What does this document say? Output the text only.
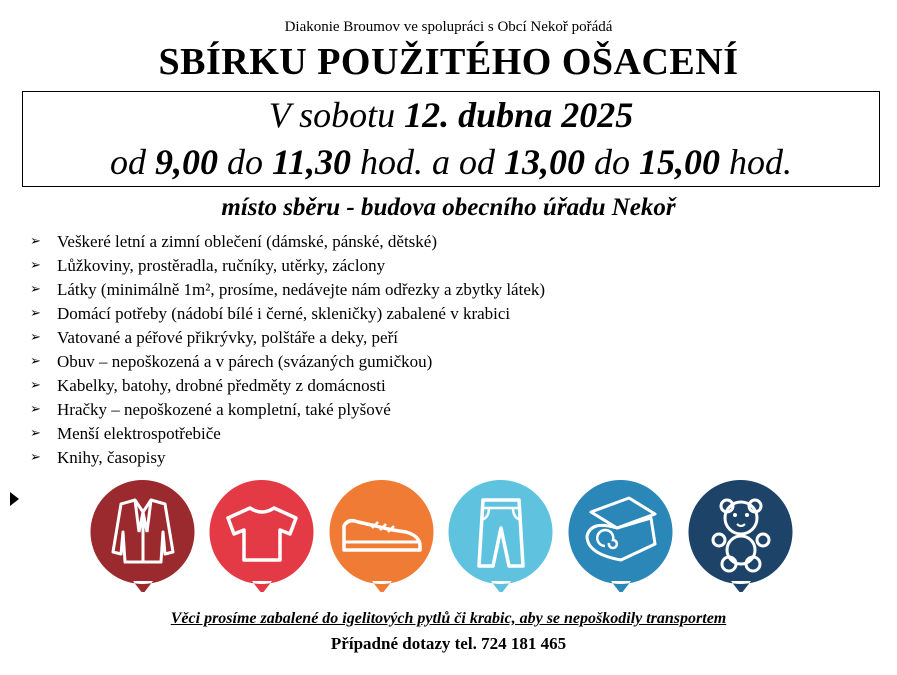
Diakonie Broumov ve spolupráci s Obcí Nekoř pořádá
SBÍRKU POUŽITÉHO OŠACENÍ
V sobotu 12. dubna 2025
od 9,00 do 11,30 hod. a od 13,00 do 15,00 hod.
místo sběru - budova obecního úřadu Nekoř
➢ Veškeré letní a zimní oblečení (dámské, pánské, dětské)
➢ Lůžkoviny, prostěradla, ručníky, utěrky, záclony
➢ Látky (minimálně 1m², prosíme, nedávejte nám odřezky a zbytky látek)
➢ Domácí potřeby (nádobí bílé i černé, skleničky) zabalené v krabici
➢ Vatované a péřové přikrývky, polštáře a deky, peří
➢ Obuv – nepoškozená a v párech (svázaných gumičkou)
➢ Kabelky, batohy, drobné předměty z domácnosti
➢ Hračky – nepoškozené a kompletní, také plyšové
➢ Menší elektrospotřebiče
➢ Knihy, časopisy
Věci prosíme zabalené do igelitových pytlů či krabic, aby se nepoškodily transportem
Případné dotazy tel. 724 181 465
